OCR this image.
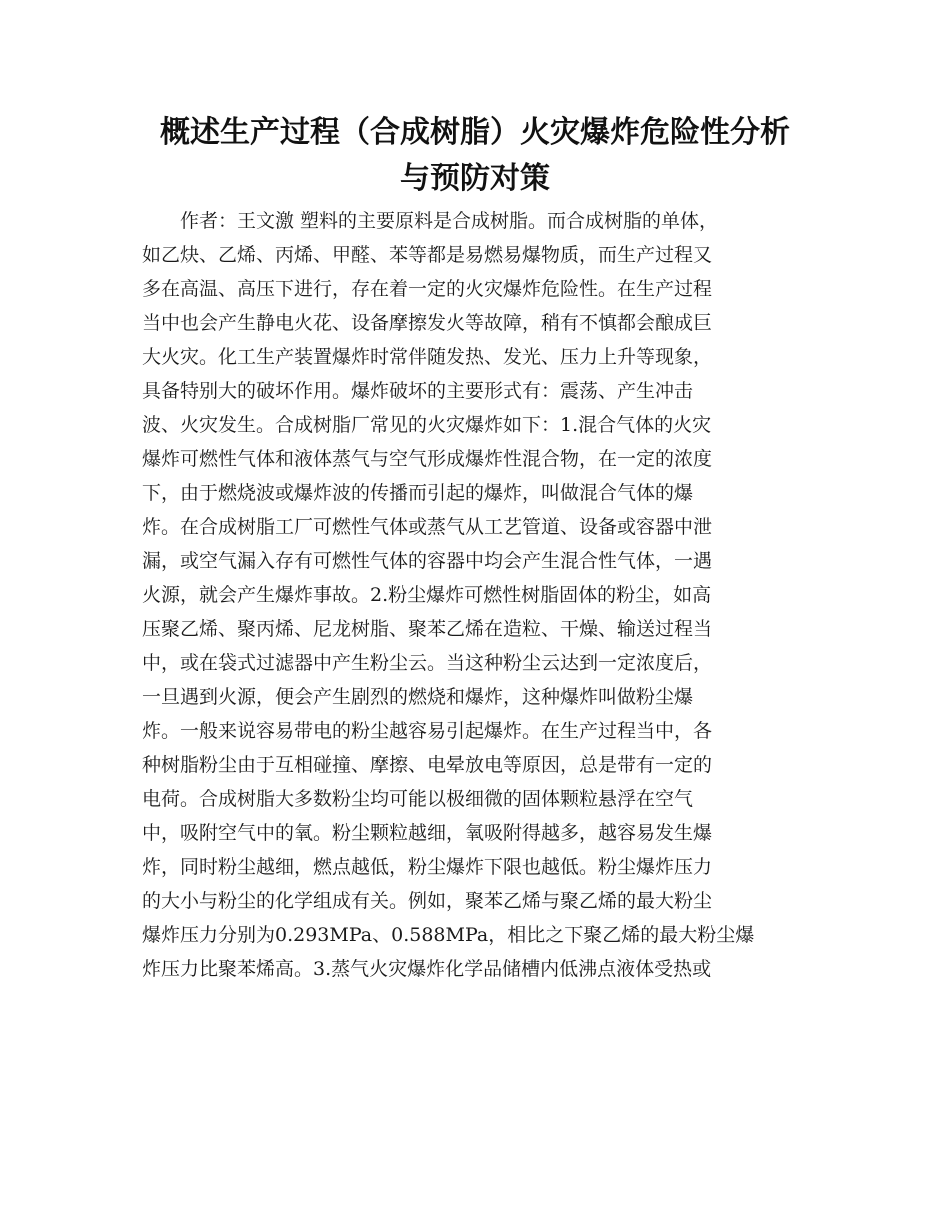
概述生产过程（合成树脂）火灾爆炸危险性分析
与预防对策
　　作者：王文激 塑料的主要原料是合成树脂。而合成树脂的单体，
如乙炔、乙烯、丙烯、甲醛、苯等都是易燃易爆物质，而生产过程又
多在高温、高压下进行，存在着一定的火灾爆炸危险性。在生产过程
当中也会产生静电火花、设备摩擦发火等故障，稍有不慎都会酿成巨
大火灾。化工生产装置爆炸时常伴随发热、发光、压力上升等现象，
具备特别大的破坏作用。爆炸破坏的主要形式有：震荡、产生冲击
波、火灾发生。合成树脂厂常见的火灾爆炸如下：1.混合气体的火灾
爆炸可燃性气体和液体蒸气与空气形成爆炸性混合物，在一定的浓度
下，由于燃烧波或爆炸波的传播而引起的爆炸，叫做混合气体的爆
炸。在合成树脂工厂可燃性气体或蒸气从工艺管道、设备或容器中泄
漏，或空气漏入存有可燃性气体的容器中均会产生混合性气体，一遇
火源，就会产生爆炸事故。2.粉尘爆炸可燃性树脂固体的粉尘，如高
压聚乙烯、聚丙烯、尼龙树脂、聚苯乙烯在造粒、干燥、输送过程当
中，或在袋式过滤器中产生粉尘云。当这种粉尘云达到一定浓度后，
一旦遇到火源，便会产生剧烈的燃烧和爆炸，这种爆炸叫做粉尘爆
炸。一般来说容易带电的粉尘越容易引起爆炸。在生产过程当中，各
种树脂粉尘由于互相碰撞、摩擦、电晕放电等原因，总是带有一定的
电荷。合成树脂大多数粉尘均可能以极细微的固体颗粒悬浮在空气
中，吸附空气中的氧。粉尘颗粒越细，氧吸附得越多，越容易发生爆
炸，同时粉尘越细，燃点越低，粉尘爆炸下限也越低。粉尘爆炸压力
的大小与粉尘的化学组成有关。例如，聚苯乙烯与聚乙烯的最大粉尘
爆炸压力分别为0.293MPa、0.588MPa，相比之下聚乙烯的最大粉尘爆
炸压力比聚苯烯高。3.蒸气火灾爆炸化学品储槽内低沸点液体受热或
